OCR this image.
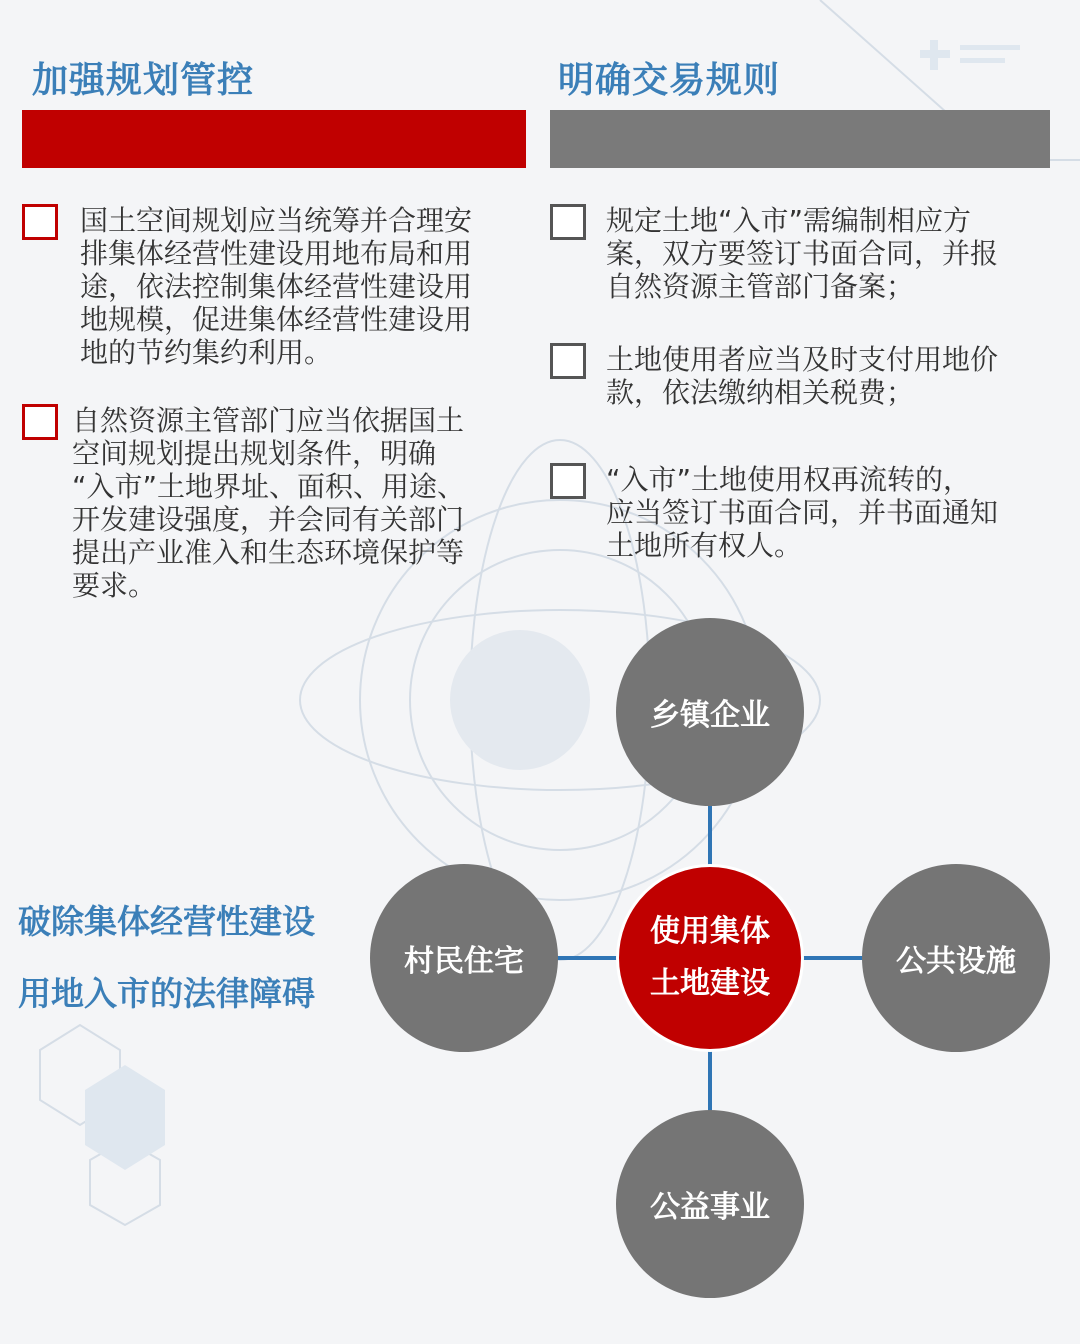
加强规划管控
国土空间规划应当统筹并合理安
排集体经营性建设用地布局和用
途，依法控制集体经营性建设用
地规模，促进集体经营性建设用
地的节约集约利用。
自然资源主管部门应当依据国土
空间规划提出规划条件，明确
“入市”土地界址、面积、用途、
开发建设强度，并会同有关部门
提出产业准入和生态环境保护等
要求。
明确交易规则
规定土地“入市”需编制相应方
案，双方要签订书面合同，并报
自然资源主管部门备案；
土地使用者应当及时支付用地价
款，依法缴纳相关税费；
“入市”土地使用权再流转的，
应当签订书面合同，并书面通知
土地所有权人。
破除集体经营性建设
用地入市的法律障碍
乡镇企业
村民住宅	公共设施
公益事业
使用集体
土地建设
